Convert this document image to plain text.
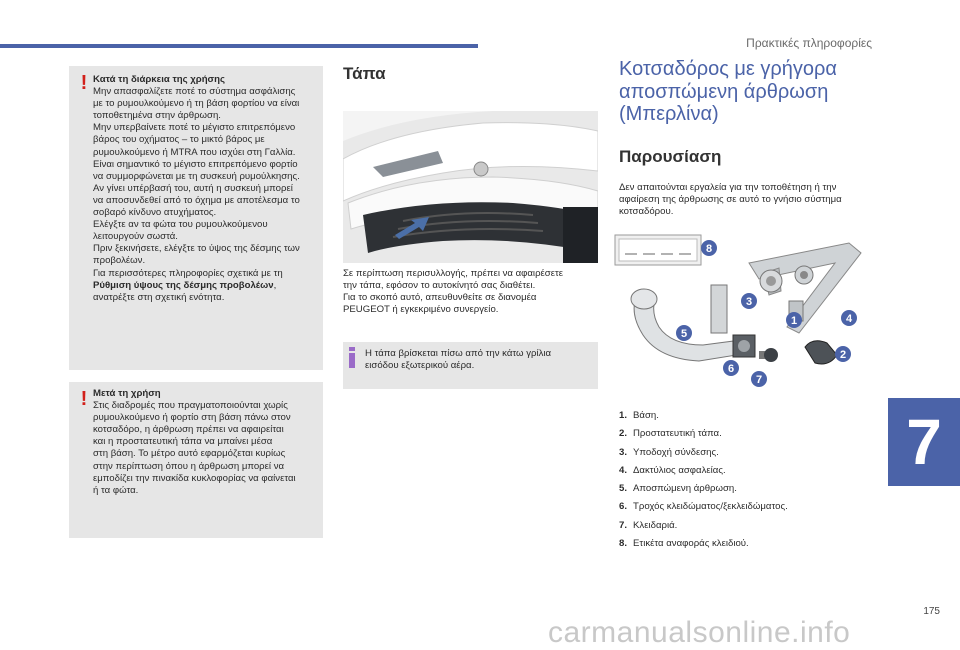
Πρακτικές πληροφορίες
7
175
! Κατά τη διάρκεια της χρήσης

Μην απασφαλίζετε ποτέ το σύστημα ασφάλισης

με το ρυμουλκούμενο ή τη βάση φορτίου να είναι

τοποθετημένα στην άρθρωση.

Μην υπερβαίνετε ποτέ το μέγιστο επιτρεπόμενο

βάρος του οχήματος – το μικτό βάρος με

ρυμουλκούμενο ή MTRA που ισχύει στη Γαλλία.

Είναι σημαντικό το μέγιστο επιτρεπόμενο φορτίο

να συμμορφώνεται με τη συσκευή ρυμούλκησης.

Αν γίνει υπέρβασή του, αυτή η συσκευή μπορεί

να αποσυνδεθεί από το όχημα με αποτέλεσμα το

σοβαρό κίνδυνο ατυχήματος.

Ελέγξτε αν τα φώτα του ρυμουλκούμενου

λειτουργούν σωστά.

Πριν ξεκινήσετε, ελέγξτε το ύψος της δέσμης των

προβολέων.

Για περισσότερες πληροφορίες σχετικά με τη

Ρύθμιση ύψους της δέσμης προβολέων,

ανατρέξτε στη σχετική ενότητα.

! Μετά τη χρήση

Στις διαδρομές που πραγματοποιούνται χωρίς

ρυμουλκούμενο ή φορτίο στη βάση πάνω στον

κοτσαδόρο, η άρθρωση πρέπει να αφαιρείται

και η προστατευτική τάπα να μπαίνει μέσα

στη βάση. Το μέτρο αυτό εφαρμόζεται κυρίως

στην περίπτωση όπου η άρθρωση μπορεί να

εμποδίζει την πινακίδα κυκλοφορίας να φαίνεται

ή τα φώτα.

Τάπα

Σε περίπτωση περισυλλογής, πρέπει να αφαιρέσετε
την τάπα, εφόσον το αυτοκίνητό σας διαθέτει.
Για το σκοπό αυτό, απευθυνθείτε σε διανομέα
PEUGEOT ή εγκεκριμένο συνεργείο.

Η τάπα βρίσκεται πίσω από την κάτω γρίλια
εισόδου εξωτερικού αέρα.
Κοτσαδόρος με γρήγορα
αποσπώμενη άρθρωση
(Μπερλίνα)
Παρουσίαση

Δεν απαιτούνται εργαλεία για την τοποθέτηση ή την
αφαίρεση της άρθρωσης σε αυτό το γνήσιο σύστημα
κοτσαδόρου.

8
1
2
3
4
5
6
7
1. Βάση.
2. Προστατευτική τάπα.
3. Υποδοχή σύνδεσης.
4. Δακτύλιος ασφαλείας.
5. Αποσπώμενη άρθρωση.
6. Τροχός κλειδώματος/ξεκλειδώματος.
7. Κλειδαριά.
8. Ετικέτα αναφοράς κλειδιού.
carmanualsonline.info
